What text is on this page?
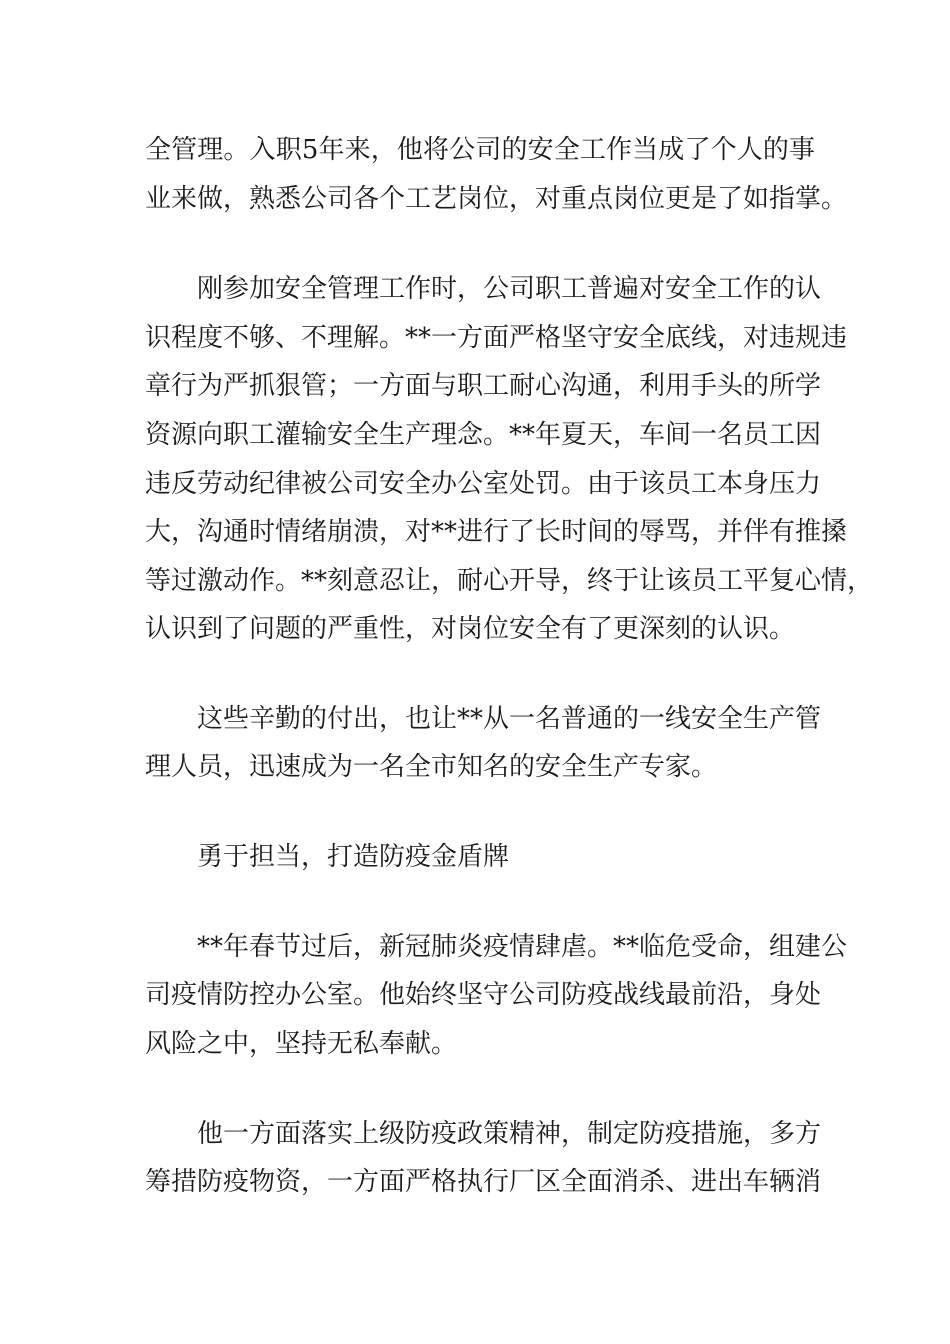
全管理。入职5年来，他将公司的安全工作当成了个人的事
业来做，熟悉公司各个工艺岗位，对重点岗位更是了如指掌。
刚参加安全管理工作时，公司职工普遍对安全工作的认
识程度不够、不理解。**一方面严格坚守安全底线，对违规违
章行为严抓狠管；一方面与职工耐心沟通，利用手头的所学
资源向职工灌输安全生产理念。**年夏天，车间一名员工因
违反劳动纪律被公司安全办公室处罚。由于该员工本身压力
大，沟通时情绪崩溃，对**进行了长时间的辱骂，并伴有推搡
等过激动作。**刻意忍让，耐心开导，终于让该员工平复心情，
认识到了问题的严重性，对岗位安全有了更深刻的认识。
这些辛勤的付出，也让**从一名普通的一线安全生产管
理人员，迅速成为一名全市知名的安全生产专家。
勇于担当，打造防疫金盾牌
**年春节过后，新冠肺炎疫情肆虐。**临危受命，组建公
司疫情防控办公室。他始终坚守公司防疫战线最前沿，身处
风险之中，坚持无私奉献。
他一方面落实上级防疫政策精神，制定防疫措施，多方
筹措防疫物资，一方面严格执行厂区全面消杀、进出车辆消
